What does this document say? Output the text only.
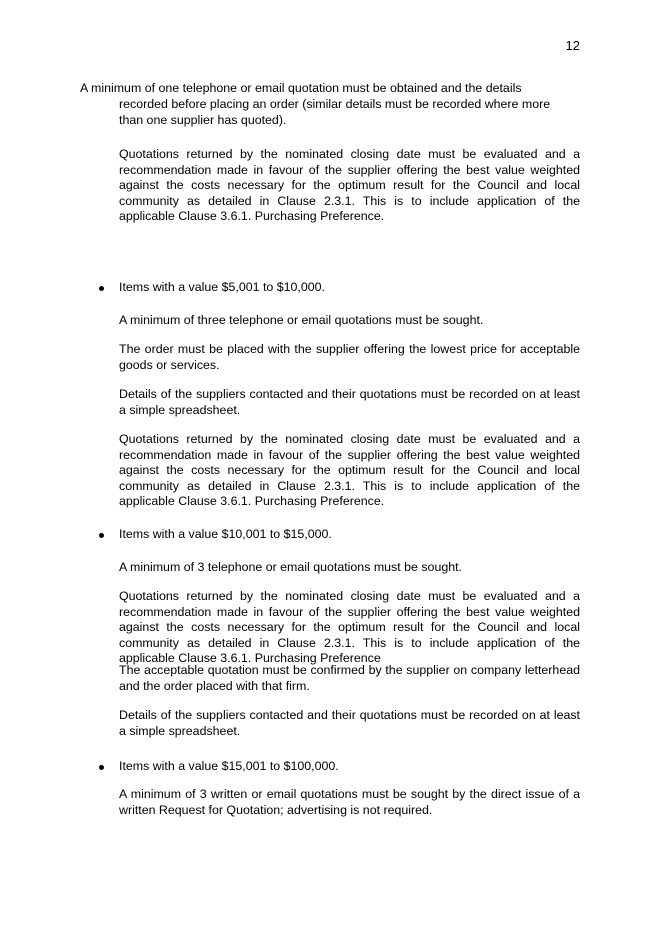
12
A minimum of one telephone or email quotation must be obtained and the details
recorded before placing an order (similar details must be recorded where more than one supplier has quoted).
Quotations returned by the nominated closing date must be evaluated and a recommendation made in favour of the supplier offering the best value weighted against the costs necessary for the optimum result for the Council and local community as detailed in Clause 2.3.1. This is to include application of the applicable Clause 3.6.1. Purchasing Preference.
Items with a value $5,001 to $10,000.
A minimum of three telephone or email quotations must be sought.
The order must be placed with the supplier offering the lowest price for acceptable goods or services.
Details of the suppliers contacted and their quotations must be recorded on at least a simple spreadsheet.
Quotations returned by the nominated closing date must be evaluated and a recommendation made in favour of the supplier offering the best value weighted against the costs necessary for the optimum result for the Council and local community as detailed in Clause 2.3.1. This is to include application of the applicable Clause 3.6.1. Purchasing Preference.
Items with a value $10,001 to $15,000.
A minimum of 3 telephone or email quotations must be sought.
Quotations returned by the nominated closing date must be evaluated and a recommendation made in favour of the supplier offering the best value weighted against the costs necessary for the optimum result for the Council and local community as detailed in Clause 2.3.1. This is to include application of the applicable Clause 3.6.1. Purchasing Preference
The acceptable quotation must be confirmed by the supplier on company letterhead and the order placed with that firm.
Details of the suppliers contacted and their quotations must be recorded on at least a simple spreadsheet.
Items with a value $15,001 to $100,000.
A minimum of 3 written or email quotations must be sought by the direct issue of a written Request for Quotation; advertising is not required.
